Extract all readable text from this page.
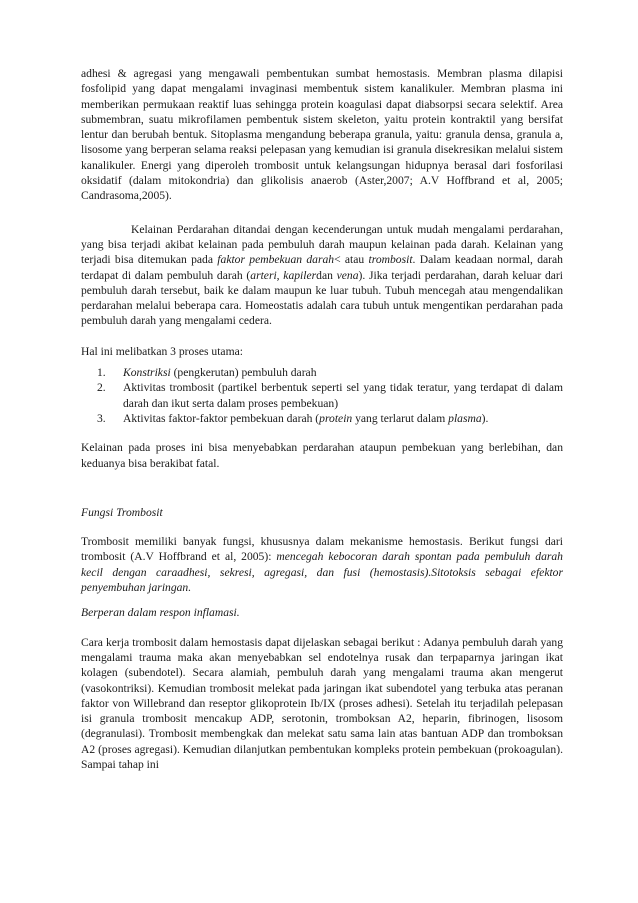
adhesi & agregasi yang mengawali pembentukan sumbat hemostasis. Membran plasma dilapisi fosfolipid yang dapat mengalami invaginasi membentuk sistem kanalikuler. Membran plasma ini memberikan permukaan reaktif luas sehingga protein koagulasi dapat diabsorpsi secara selektif. Area submembran, suatu mikrofilamen pembentuk sistem skeleton, yaitu protein kontraktil yang bersifat lentur dan berubah bentuk. Sitoplasma mengandung beberapa granula, yaitu: granula densa, granula a, lisosome yang berperan selama reaksi pelepasan yang kemudian isi granula disekresikan melalui sistem kanalikuler. Energi yang diperoleh trombosit untuk kelangsungan hidupnya berasal dari fosforilasi oksidatif (dalam mitokondria) dan glikolisis anaerob (Aster,2007; A.V Hoffbrand et al, 2005; Candrasoma,2005).

Kelainan Perdarahan ditandai dengan kecenderungan untuk mudah mengalami perdarahan, yang bisa terjadi akibat kelainan pada pembuluh darah maupun kelainan pada darah. Kelainan yang terjadi bisa ditemukan pada faktor pembekuan darah< atau trombosit. Dalam keadaan normal, darah terdapat di dalam pembuluh darah (arteri, kapilerdan vena). Jika terjadi perdarahan, darah keluar dari pembuluh darah tersebut, baik ke dalam maupun ke luar tubuh. Tubuh mencegah atau mengendalikan perdarahan melalui beberapa cara. Homeostatis adalah cara tubuh untuk mengentikan perdarahan pada pembuluh darah yang mengalami cedera.

Hal ini melibatkan 3 proses utama:

1. Konstriksi (pengkerutan) pembuluh darah
2. Aktivitas trombosit (partikel berbentuk seperti sel yang tidak teratur, yang terdapat di dalam darah dan ikut serta dalam proses pembekuan)
3. Aktivitas faktor-faktor pembekuan darah (protein yang terlarut dalam plasma).

Kelainan pada proses ini bisa menyebabkan perdarahan ataupun pembekuan yang berlebihan, dan keduanya bisa berakibat fatal.

Fungsi Trombosit

Trombosit memiliki banyak fungsi, khususnya dalam mekanisme hemostasis. Berikut fungsi dari trombosit (A.V Hoffbrand et al, 2005): mencegah kebocoran darah spontan pada pembuluh darah kecil dengan caraadhesi, sekresi, agregasi, dan fusi (hemostasis).Sitotoksis sebagai efektor penyembuhan jaringan.

Berperan dalam respon inflamasi.

Cara kerja trombosit dalam hemostasis dapat dijelaskan sebagai berikut : Adanya pembuluh darah yang mengalami trauma maka akan menyebabkan sel endotelnya rusak dan terpaparnya jaringan ikat kolagen (subendotel). Secara alamiah, pembuluh darah yang mengalami trauma akan mengerut (vasokontriksi). Kemudian trombosit melekat pada jaringan ikat subendotel yang terbuka atas peranan faktor von Willebrand dan reseptor glikoprotein Ib/IX (proses adhesi). Setelah itu terjadilah pelepasan isi granula trombosit mencakup ADP, serotonin, tromboksan A2, heparin, fibrinogen, lisosom (degranulasi). Trombosit membengkak dan melekat satu sama lain atas bantuan ADP dan tromboksan A2 (proses agregasi). Kemudian dilanjutkan pembentukan kompleks protein pembekuan (prokoagulan). Sampai tahap ini
